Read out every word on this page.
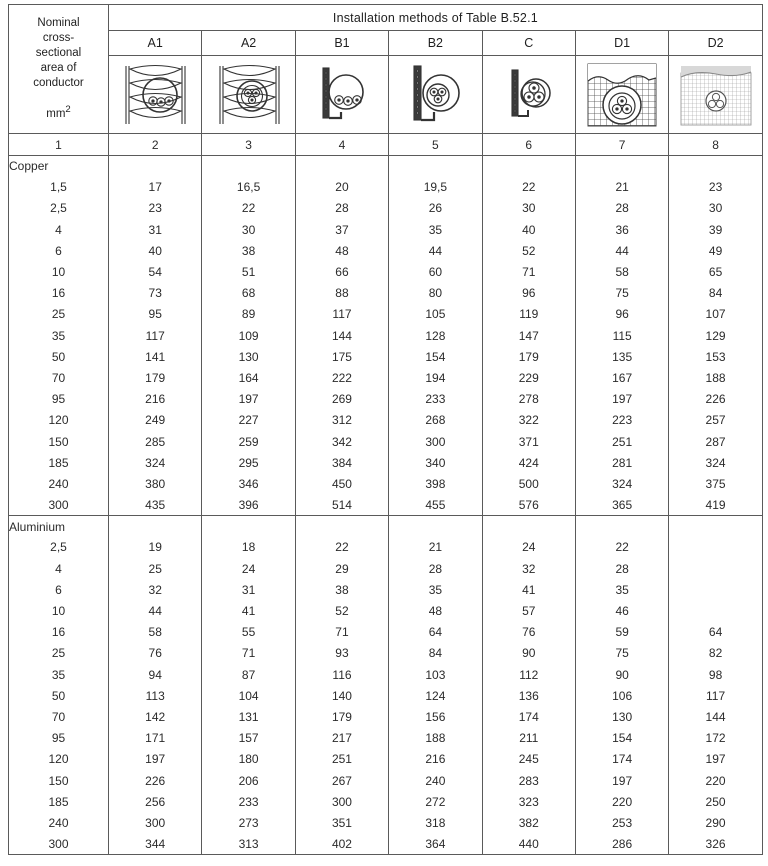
Nominal
cross-
sectional
area of
conductor
$mm^2$
	Installation methods of Table B.52.1
	A1	A2	B1	B2	C	D1	D2

1	2	3	4	5	6	7	8
Copper							
1,5	17	16,5	20	19,5	22	21	23
2,5	23	22	28	26	30	28	30
4	31	30	37	35	40	36	39
6	40	38	48	44	52	44	49
10	54	51	66	60	71	58	65
16	73	68	88	80	96	75	84
25	95	89	117	105	119	96	107
35	117	109	144	128	147	115	129
50	141	130	175	154	179	135	153
70	179	164	222	194	229	167	188
95	216	197	269	233	278	197	226
120	249	227	312	268	322	223	257
150	285	259	342	300	371	251	287
185	324	295	384	340	424	281	324
240	380	346	450	398	500	324	375
300	435	396	514	455	576	365	419
Aluminium							
2,5	19	18	22	21	24	22	
4	25	24	29	28	32	28	
6	32	31	38	35	41	35	
10	44	41	52	48	57	46	
16	58	55	71	64	76	59	64
25	76	71	93	84	90	75	82
35	94	87	116	103	112	90	98
50	113	104	140	124	136	106	117
70	142	131	179	156	174	130	144
95	171	157	217	188	211	154	172
120	197	180	251	216	245	174	197
150	226	206	267	240	283	197	220
185	256	233	300	272	323	220	250
240	300	273	351	318	382	253	290
300	344	313	402	364	440	286	326
